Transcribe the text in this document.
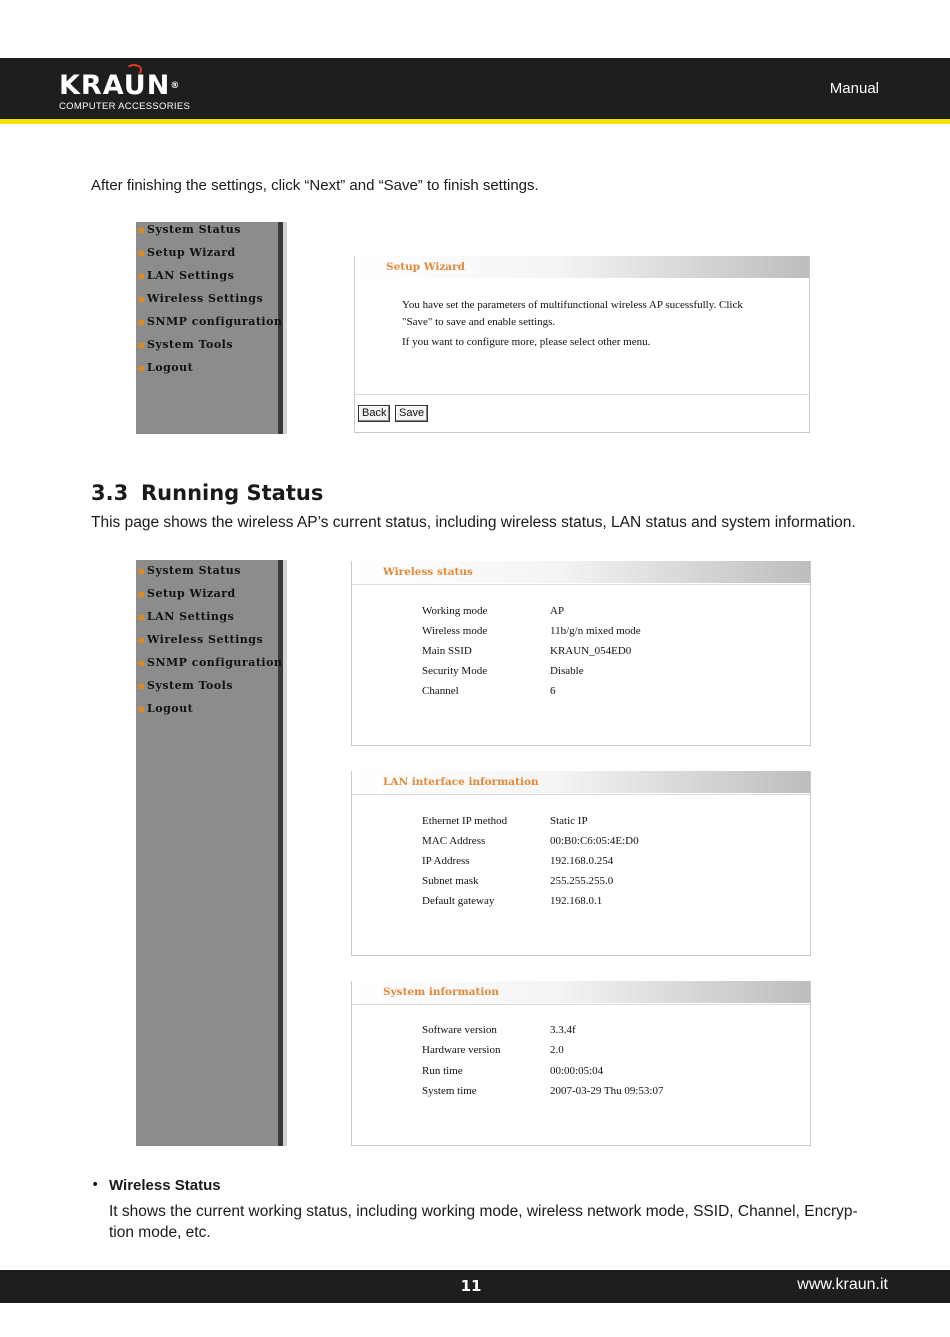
KRAUN®
COMPUTER ACCESSORIES
Manual
After finishing the settings, click “Next” and “Save” to finish settings.
System Status
Setup Wizard
LAN Settings
Wireless Settings
SNMP configuration
System Tools
Logout
Setup Wizard
You have set the parameters of multifunctional wireless AP sucessfully. Click
"Save" to save and enable settings.
If you want to configure more, please select other menu.
Back	Save
3.3 Running Status
This page shows the wireless AP’s current status, including wireless status, LAN status and system information.
System Status
Setup Wizard
LAN Settings
Wireless Settings
SNMP configuration
System Tools
Logout
Wireless status
Working mode	AP
Wireless mode	11b/g/n mixed mode
Main SSID	KRAUN_054ED0
Security Mode	Disable
Channel	6
LAN interface information
Ethernet IP method	Static IP
MAC Address	00:B0:C6:05:4E:D0
IP Address	192.168.0.254
Subnet mask	255.255.255.0
Default gateway	192.168.0.1
System information
Software version	3.3.4f
Hardware version	2.0
Run time	00:00:05:04
System time	2007-03-29 Thu 09:53:07
• Wireless Status
It shows the current working status, including working mode, wireless network mode, SSID, Channel, Encryp-tion mode, etc.
11	www.kraun.it
